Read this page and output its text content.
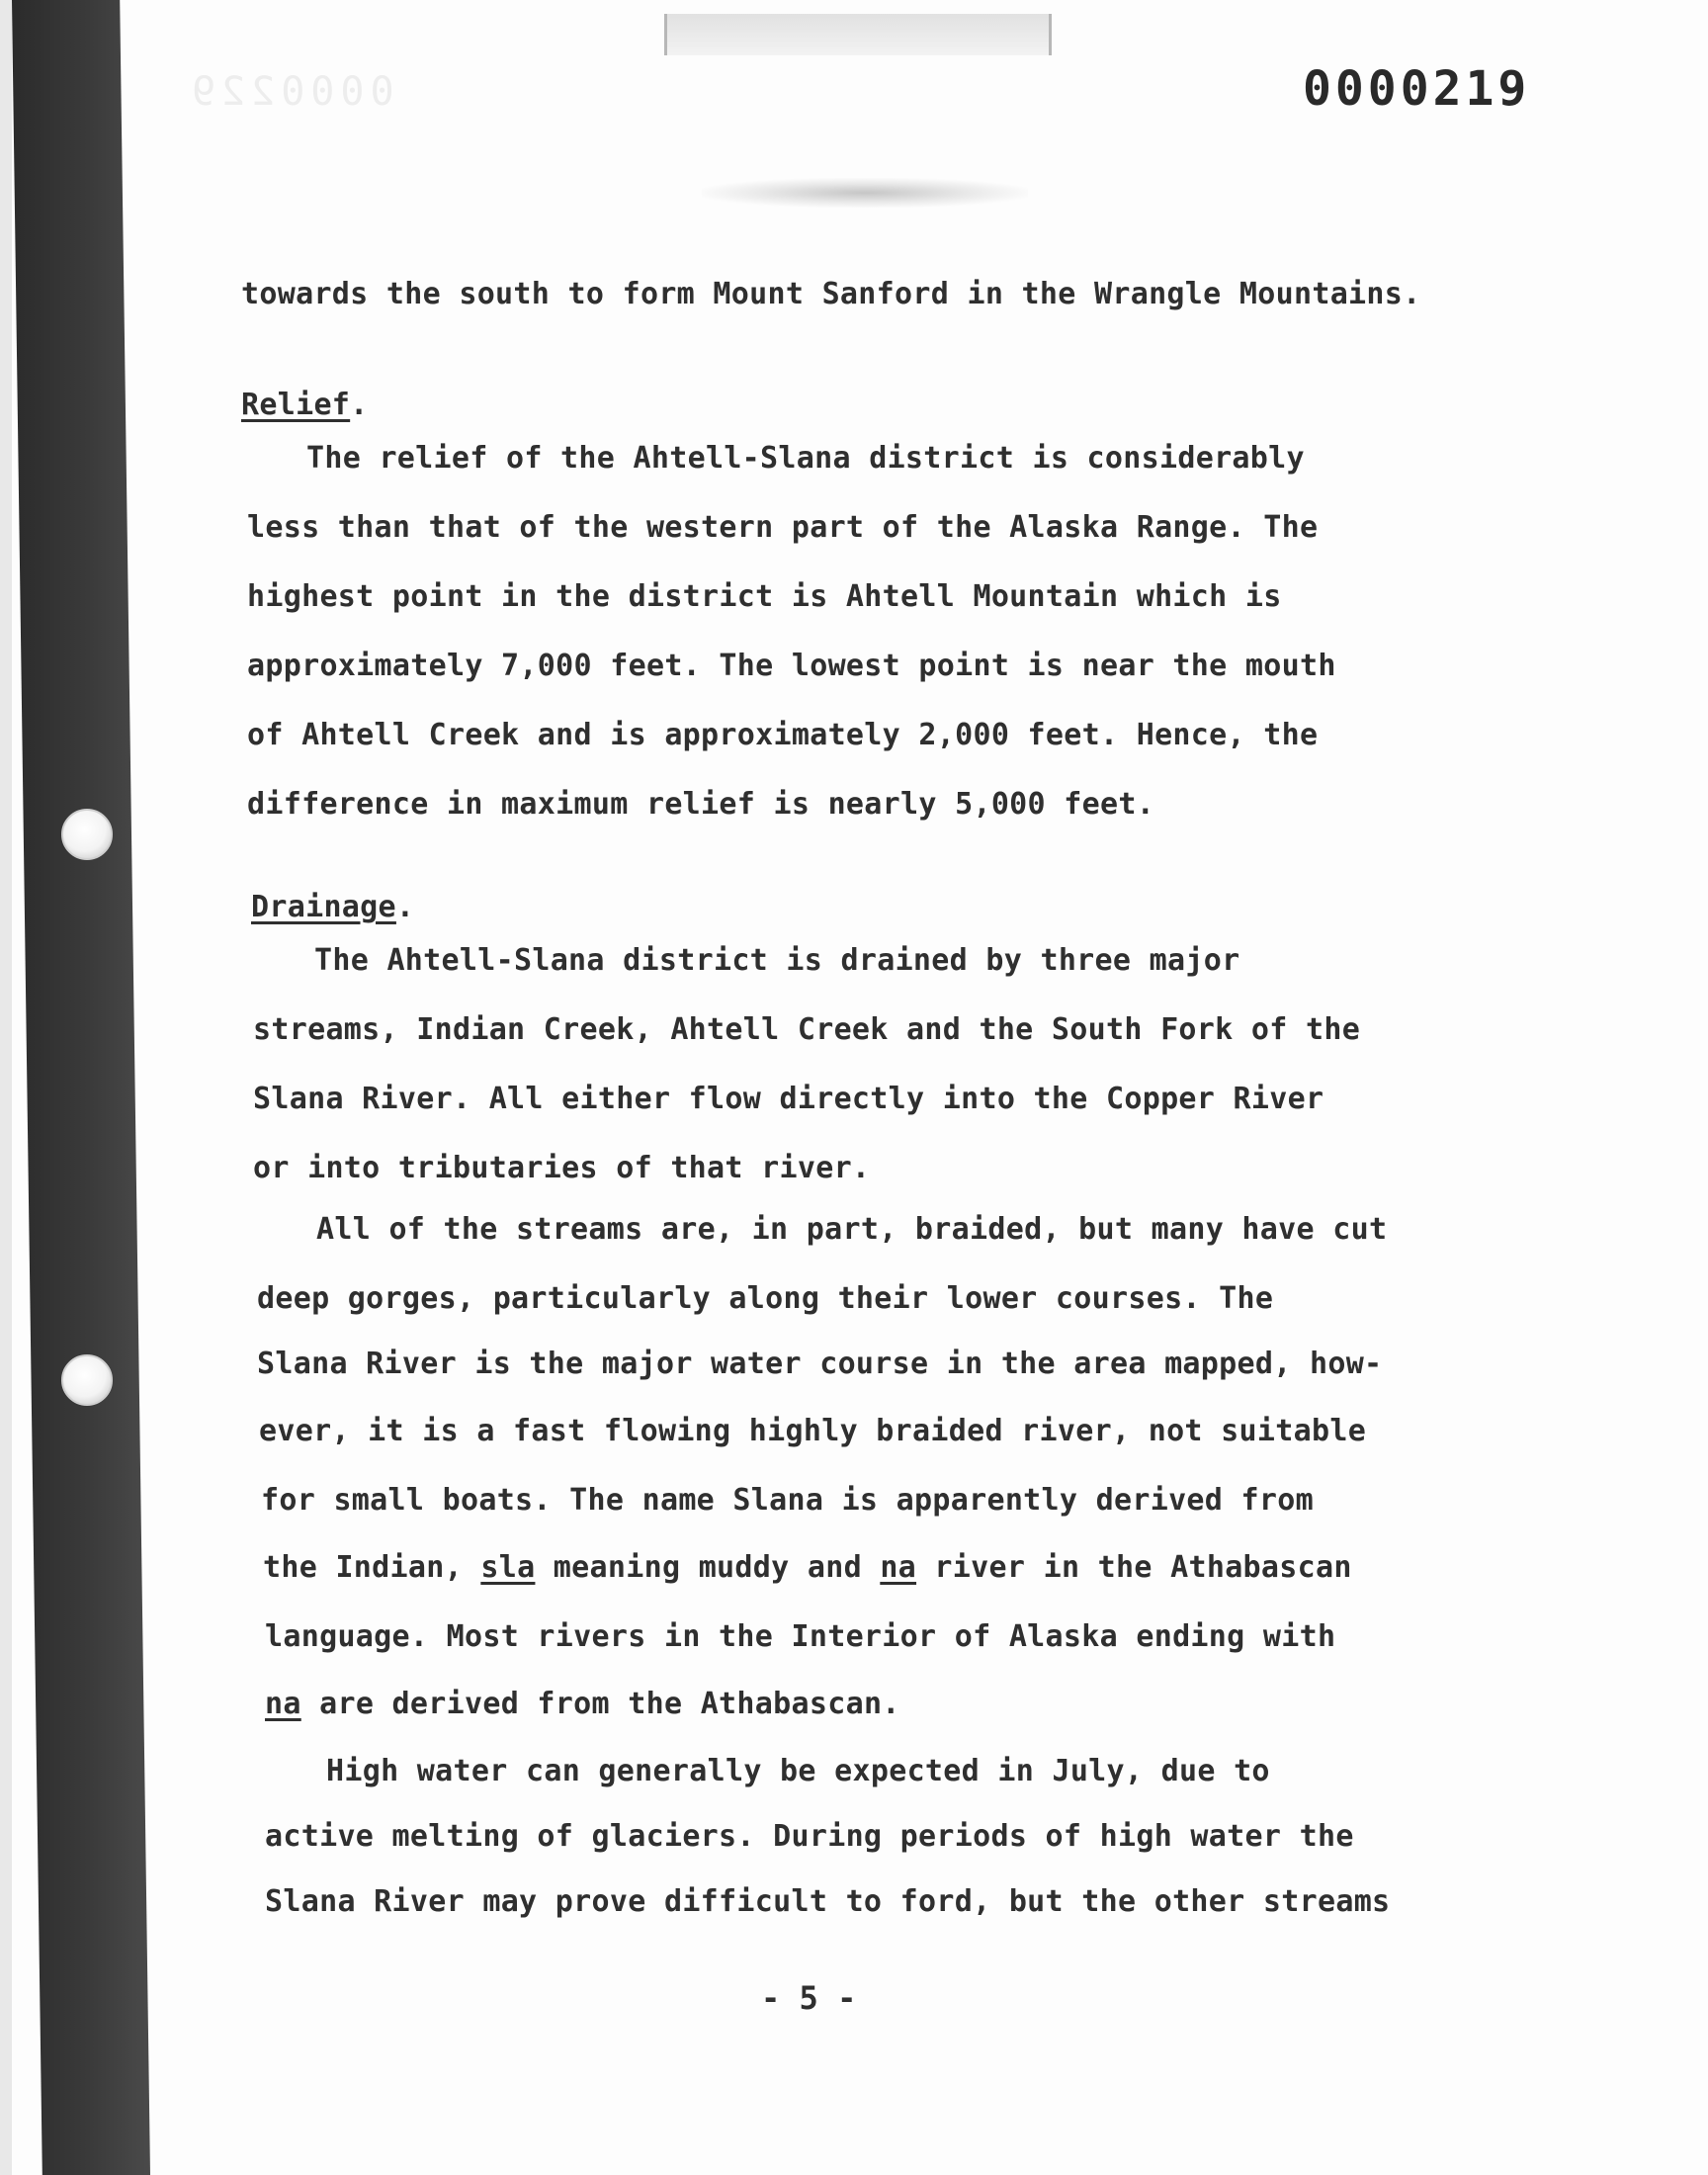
0000229	0000219
towards the south to form Mount Sanford in the Wrangle Mountains.
Relief.
The relief of the Ahtell-Slana district is considerably
less than that of the western part of the Alaska Range. The
highest point in the district is Ahtell Mountain which is
approximately 7,000 feet. The lowest point is near the mouth
of Ahtell Creek and is approximately 2,000 feet. Hence, the
difference in maximum relief is nearly 5,000 feet.
Drainage.
The Ahtell-Slana district is drained by three major
streams, Indian Creek, Ahtell Creek and the South Fork of the
Slana River. All either flow directly into the Copper River
or into tributaries of that river.
All of the streams are, in part, braided, but many have cut
deep gorges, particularly along their lower courses. The
Slana River is the major water course in the area mapped, how-
ever, it is a fast flowing highly braided river, not suitable
for small boats. The name Slana is apparently derived from
the Indian, sla meaning muddy and na river in the Athabascan
language. Most rivers in the Interior of Alaska ending with
na are derived from the Athabascan.
High water can generally be expected in July, due to
active melting of glaciers. During periods of high water the
Slana River may prove difficult to ford, but the other streams
- 5 -
